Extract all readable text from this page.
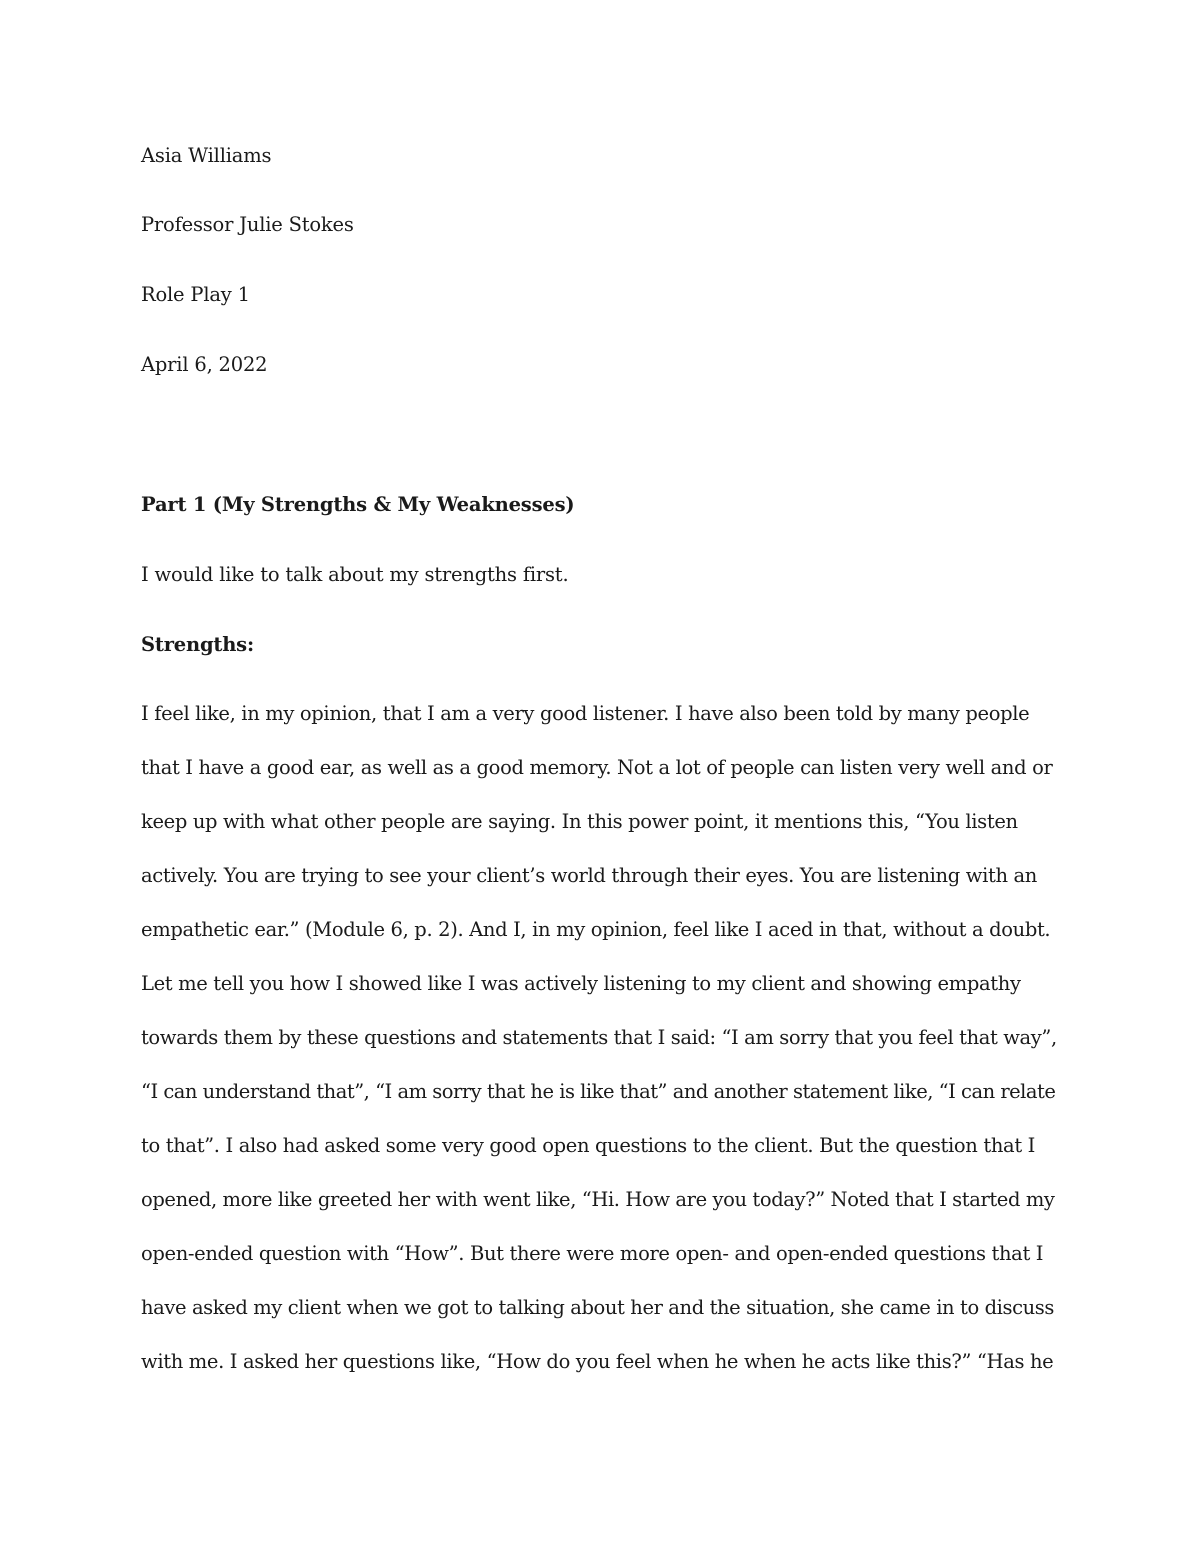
Asia Williams
Professor Julie Stokes
Role Play 1
April 6, 2022
Part 1 (My Strengths & My Weaknesses)
I would like to talk about my strengths first.
Strengths:
I feel like, in my opinion, that I am a very good listener. I have also been told by many people
that I have a good ear, as well as a good memory. Not a lot of people can listen very well and or
keep up with what other people are saying. In this power point, it mentions this, “You listen
actively. You are trying to see your client’s world through their eyes. You are listening with an
empathetic ear.” (Module 6, p. 2). And I, in my opinion, feel like I aced in that, without a doubt.
Let me tell you how I showed like I was actively listening to my client and showing empathy
towards them by these questions and statements that I said: “I am sorry that you feel that way”,
“I can understand that”, “I am sorry that he is like that” and another statement like, “I can relate
to that”. I also had asked some very good open questions to the client. But the question that I
opened, more like greeted her with went like, “Hi. How are you today?” Noted that I started my
open-ended question with “How”. But there were more open- and open-ended questions that I
have asked my client when we got to talking about her and the situation, she came in to discuss
with me. I asked her questions like, “How do you feel when he when he acts like this?” “Has he
